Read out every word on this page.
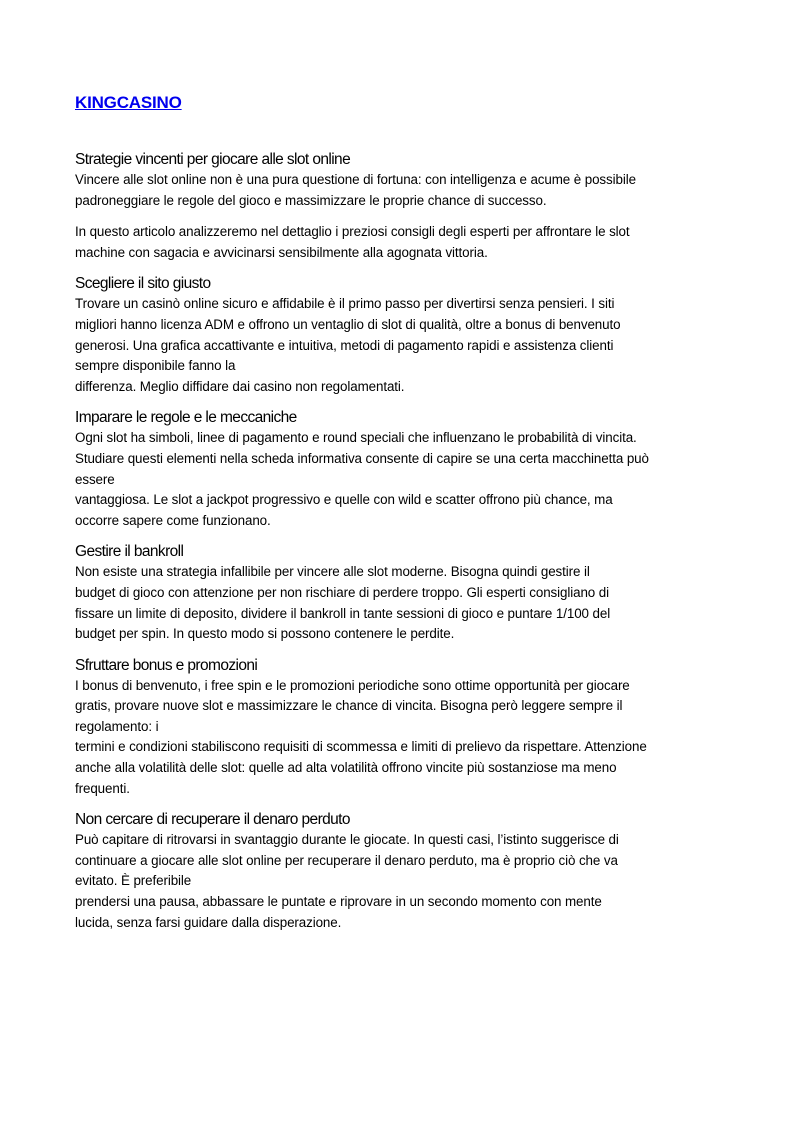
KINGCASINO
Strategie vincenti per giocare alle slot online

Vincere alle slot online non è una pura questione di fortuna: con intelligenza e acume è possibile
padroneggiare le regole del gioco e massimizzare le proprie chance di successo.

In questo articolo analizzeremo nel dettaglio i preziosi consigli degli esperti per affrontare le slot
machine con sagacia e avvicinarsi sensibilmente alla agognata vittoria.

Scegliere il sito giusto

Trovare un casinò online sicuro e affidabile è il primo passo per divertirsi senza pensieri. I siti
migliori hanno licenza ADM e offrono un ventaglio di slot di qualità, oltre a bonus di benvenuto
generosi. Una grafica accattivante e intuitiva, metodi di pagamento rapidi e assistenza clienti
sempre disponibile fanno la
differenza. Meglio diffidare dai casino non regolamentati.

Imparare le regole e le meccaniche

Ogni slot ha simboli, linee di pagamento e round speciali che influenzano le probabilità di vincita.
Studiare questi elementi nella scheda informativa consente di capire se una certa macchinetta può
essere
vantaggiosa. Le slot a jackpot progressivo e quelle con wild e scatter offrono più chance, ma
occorre sapere come funzionano.

Gestire il bankroll

Non esiste una strategia infallibile per vincere alle slot moderne. Bisogna quindi gestire il
budget di gioco con attenzione per non rischiare di perdere troppo. Gli esperti consigliano di
fissare un limite di deposito, dividere il bankroll in tante sessioni di gioco e puntare 1/100 del
budget per spin. In questo modo si possono contenere le perdite.

Sfruttare bonus e promozioni

I bonus di benvenuto, i free spin e le promozioni periodiche sono ottime opportunità per giocare
gratis, provare nuove slot e massimizzare le chance di vincita. Bisogna però leggere sempre il
regolamento: i
termini e condizioni stabiliscono requisiti di scommessa e limiti di prelievo da rispettare. Attenzione
anche alla volatilità delle slot: quelle ad alta volatilità offrono vincite più sostanziose ma meno
frequenti.

Non cercare di recuperare il denaro perduto

Può capitare di ritrovarsi in svantaggio durante le giocate. In questi casi, l’istinto suggerisce di
continuare a giocare alle slot online per recuperare il denaro perduto, ma è proprio ciò che va
evitato. È preferibile
prendersi una pausa, abbassare le puntate e riprovare in un secondo momento con mente
lucida, senza farsi guidare dalla disperazione.
